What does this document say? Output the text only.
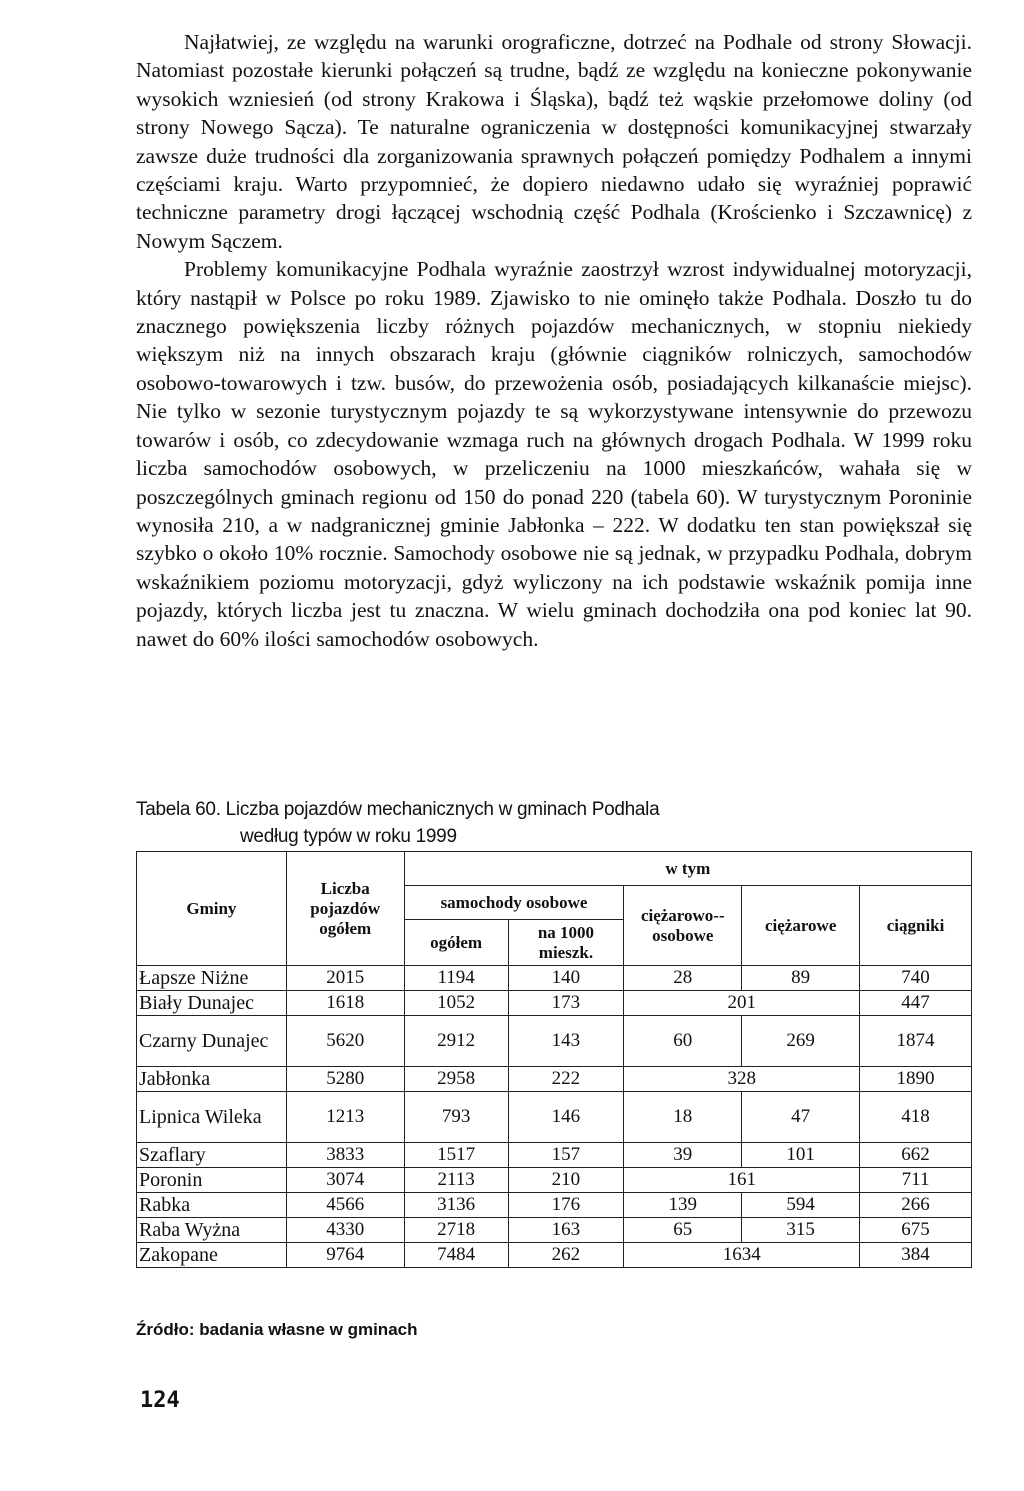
Najłatwiej, ze względu na warunki orograficzne, dotrzeć na Podhale od strony Słowacji. Natomiast pozostałe kierunki połączeń są trudne, bądź ze względu na konieczne pokonywanie wysokich wzniesień (od strony Krakowa i Śląska), bądź też wąskie przełomowe doliny (od strony Nowego Sącza). Te naturalne ograniczenia w dostępności komunikacyjnej stwarzały zawsze duże trudności dla zorganizowania sprawnych połączeń pomiędzy Podhalem a innymi częściami kraju. Warto przypomnieć, że dopiero niedawno udało się wyraźniej poprawić techniczne parametry drogi łączącej wschodnią część Podhala (Krościenko i Szczawnicę) z Nowym Sączem.

Problemy komunikacyjne Podhala wyraźnie zaostrzył wzrost indywidualnej motoryzacji, który nastąpił w Polsce po roku 1989. Zjawisko to nie ominęło także Podhala. Doszło tu do znacznego powiększenia liczby różnych pojazdów mechanicznych, w stopniu niekiedy większym niż na innych obszarach kraju (głównie ciągników rolniczych, samochodów osobowo-towarowych i tzw. busów, do przewożenia osób, posiadających kilkanaście miejsc). Nie tylko w sezonie turystycznym pojazdy te są wykorzystywane intensywnie do przewozu towarów i osób, co zdecydowanie wzmaga ruch na głównych drogach Podhala. W 1999 roku liczba samochodów osobowych, w przeliczeniu na 1000 mieszkańców, wahała się w poszczególnych gminach regionu od 150 do ponad 220 (tabela 60). W turystycznym Poroninie wynosiła 210, a w nadgranicznej gminie Jabłonka – 222. W dodatku ten stan powiększał się szybko o około 10% rocznie. Samochody osobowe nie są jednak, w przypadku Podhala, dobrym wskaźnikiem poziomu motoryzacji, gdyż wyliczony na ich podstawie wskaźnik pomija inne pojazdy, których liczba jest tu znaczna. W wielu gminach dochodziła ona pod koniec lat 90. nawet do 60% ilości samochodów osobowych.

Tabela 60. Liczba pojazdów mechanicznych w gminach Podhala
według typów w roku 1999
Gminy	Liczba pojazdów ogółem	w tym				
		samochody osobowe		ciężarowo--osobowe	ciężarowe	ciągniki
		ogółem	na 1000 mieszk.			
Łapsze Niżne	2015	1194	140	28	89	740
Biały Dunajec	1618	1052	173	201		447
Czarny Dunajec	5620	2912	143	60	269	1874
Jabłonka	5280	2958	222	328		1890
Lipnica Wileka	1213	793	146	18	47	418
Szaflary	3833	1517	157	39	101	662
Poronin	3074	2113	210	161		711
Rabka	4566	3136	176	139	594	266
Raba Wyżna	4330	2718	163	65	315	675
Zakopane	9764	7484	262	1634		384
Źródło: badania własne w gminach
124
